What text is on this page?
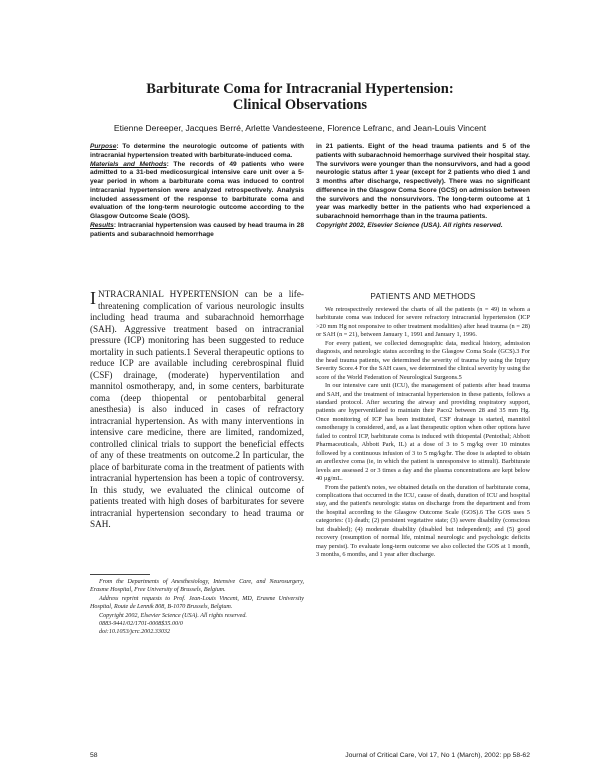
Barbiturate Coma for Intracranial Hypertension:
Clinical Observations
Etienne Dereeper, Jacques Berré, Arlette Vandesteene, Florence Lefranc, and Jean-Louis Vincent

Purpose: To determine the neurologic outcome of patients with intracranial hypertension treated with barbiturate-induced coma.

Materials and Methods: The records of 49 patients who were admitted to a 31-bed medicosurgical intensive care unit over a 5-year period in whom a barbiturate coma was induced to control intracranial hypertension were analyzed retrospectively. Analysis included assessment of the response to barbiturate coma and evaluation of the long-term neurologic outcome according to the Glasgow Outcome Scale (GOS).

Results: Intracranial hypertension was caused by head trauma in 28 patients and subarachnoid hemorrhage

in 21 patients. Eight of the head trauma patients and 5 of the patients with subarachnoid hemorrhage survived their hospital stay. The survivors were younger than the nonsurvivors, and had a good neurologic status after 1 year (except for 2 patients who died 1 and 3 months after discharge, respectively). There was no significant difference in the Glasgow Coma Score (GCS) on admission between the survivors and the nonsurvivors. The long-term outcome at 1 year was markedly better in the patients who had experienced a subarachnoid hemorrhage than in the trauma patients.

Copyright 2002, Elsevier Science (USA). All rights reserved.

INTRACRANIAL HYPERTENSION can be a life-threatening complication of various neurologic insults including head trauma and subarachnoid hemorrhage (SAH). Aggressive treatment based on intracranial pressure (ICP) monitoring has been suggested to reduce mortality in such patients.1 Several therapeutic options to reduce ICP are available including cerebrospinal fluid (CSF) drainage, (moderate) hyperventilation and mannitol osmotherapy, and, in some centers, barbiturate coma (deep thiopental or pentobarbital general anesthesia) is also induced in cases of refractory intracranial hypertension. As with many interventions in intensive care medicine, there are limited, randomized, controlled clinical trials to support the beneficial effects of any of these treatments on outcome.2 In particular, the place of barbiturate coma in the treatment of patients with intracranial hypertension has been a topic of controversy. In this study, we evaluated the clinical outcome of patients treated with high doses of barbiturates for severe intracranial hypertension secondary to head trauma or SAH.

PATIENTS AND METHODS

We retrospectively reviewed the charts of all the patients (n = 49) in whom a barbiturate coma was induced for severe refractory intracranial hypertension (ICP >20 mm Hg not responsive to other treatment modalities) after head trauma (n = 28) or SAH (n = 21), between January 1, 1991 and January 1, 1996.

For every patient, we collected demographic data, medical history, admission diagnosis, and neurologic status according to the Glasgow Coma Scale (GCS).3 For the head trauma patients, we determined the severity of trauma by using the Injury Severity Score.4 For the SAH cases, we determined the clinical severity by using the score of the World Federation of Neurological Surgeons.5

In our intensive care unit (ICU), the management of patients after head trauma and SAH, and the treatment of intracranial hypertension in these patients, follows a standard protocol. After securing the airway and providing respiratory support, patients are hyperventilated to maintain their Paco2 between 28 and 35 mm Hg. Once monitoring of ICP has been instituted, CSF drainage is started, mannitol osmotherapy is considered, and, as a last therapeutic option when other options have failed to control ICP, barbiturate coma is induced with thiopental (Pentothal; Abbott Pharmaceuticals, Abbott Park, IL) at a dose of 3 to 5 mg/kg over 10 minutes followed by a continuous infusion of 3 to 5 mg/kg/hr. The dose is adapted to obtain an areflexive coma (ie, in which the patient is unresponsive to stimuli). Barbiturate levels are assessed 2 or 3 times a day and the plasma concentrations are kept below 40 µg/mL.

From the patient's notes, we obtained details on the duration of barbiturate coma, complications that occurred in the ICU, cause of death, duration of ICU and hospital stay, and the patient's neurologic status on discharge from the department and from the hospital according to the Glasgow Outcome Scale (GOS).6 The GOS uses 5 categories: (1) death; (2) persistent vegetative state; (3) severe disability (conscious but disabled); (4) moderate disability (disabled but independent); and (5) good recovery (resumption of normal life, minimal neurologic and psychologic deficits may persist). To evaluate long-term outcome we also collected the GOS at 1 month, 3 months, 6 months, and 1 year after discharge.

From the Departments of Anesthesiology, Intensive Care, and Neurosurgery, Erasme Hospital, Free University of Brussels, Belgium.

Address reprint requests to Prof. Jean-Louis Vincent, MD, Erasme University Hospital, Route de Lennik 808, B-1070 Brussels, Belgium.

Copyright 2002, Elsevier Science (USA). All rights reserved.

0883-9441/02/1701-0008$35.00/0

doi:10.1053/jcrc.2002.33032

58	Journal of Critical Care, Vol 17, No 1 (March), 2002: pp 58-62
